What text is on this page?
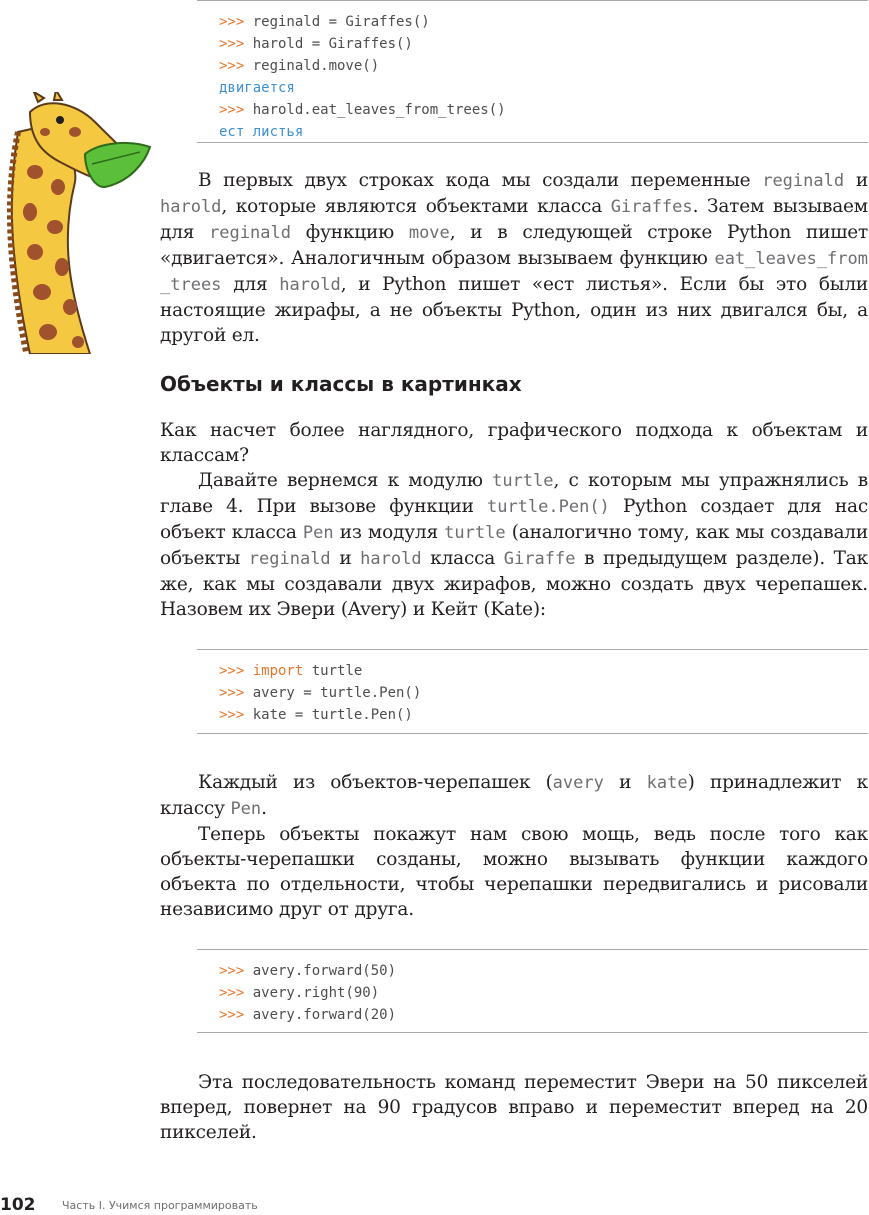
>>> reginald = Giraffes()
>>> harold = Giraffes()
>>> reginald.move()
двигается
>>> harold.eat_leaves_from_trees()
ест листья

В первых двух строках кода мы создали переменные reginald и harold, которые являются объектами класса Giraffes. Затем вызываем для reginald функцию move, и в следующей строке Python пишет «двигается». Аналогичным образом вызываем функцию eat_leaves_from_trees для harold, и Python пишет «ест листья». Если бы это были настоящие жирафы, а не объекты Python, один из них двигался бы, а другой ел.

Объекты и классы в картинках

Как насчет более наглядного, графического подхода к объектам и классам?

Давайте вернемся к модулю turtle, с которым мы упражнялись в главе 4. При вызове функции turtle.Pen() Python создает для нас объект класса Pen из модуля turtle (аналогично тому, как мы создавали объекты reginald и harold класса Giraffe в предыдущем разделе). Так же, как мы создавали двух жирафов, можно создать двух черепашек. Назовем их Эвери (Avery) и Кейт (Kate):

>>> import turtle
>>> avery = turtle.Pen()
>>> kate = turtle.Pen()

Каждый из объектов-черепашек (avery и kate) принадлежит к классу Pen.

Теперь объекты покажут нам свою мощь, ведь после того как объекты-черепашки созданы, можно вызывать функции каждого объекта по отдельности, чтобы черепашки передвигались и рисовали независимо друг от друга.

>>> avery.forward(50)
>>> avery.right(90)
>>> avery.forward(20)

Эта последовательность команд переместит Эвери на 50 пикселей вперед, повернет на 90 градусов вправо и переместит вперед на 20 пикселей.

102 Часть I. Учимся программировать
